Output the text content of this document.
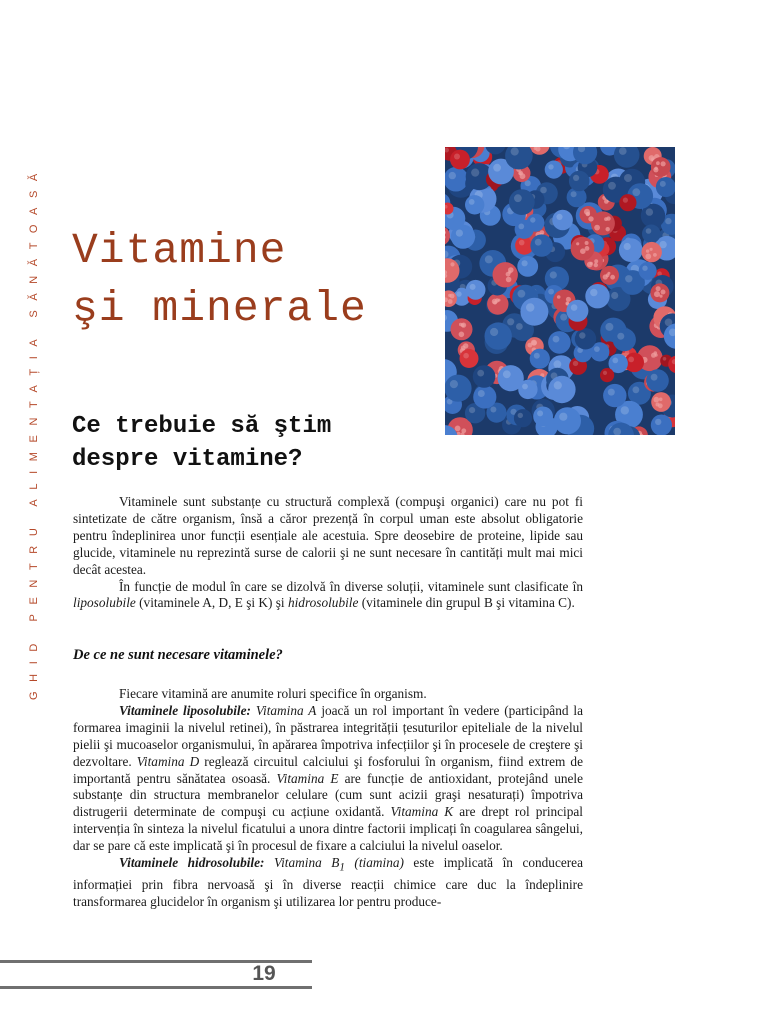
GHID PENTRU ALIMENTAȚIA SĂNĂTOASĂ Vitamine
şi minerale
Ce trebuie să ştim
despre vitamine?

Vitaminele sunt substanțe cu structură complexă (compuşi organici) care nu pot fi sintetizate de către organism, însă a căror prezență în corpul uman este absolut obligatorie pentru îndeplinirea unor funcții esențiale ale acestuia. Spre deosebire de proteine, lipide sau glucide, vitaminele nu reprezintă surse de calorii şi ne sunt necesare în cantități mult mai mici decât acestea.

În funcție de modul în care se dizolvă în diverse soluții, vitaminele sunt clasificate în liposolubile (vitaminele A, D, E şi K) şi hidrosolubile (vitaminele din grupul B şi vitamina C).

De ce ne sunt necesare vitaminele?

Fiecare vitamină are anumite roluri specifice în organism.

Vitaminele liposolubile: Vitamina A joacă un rol important în vedere (participând la formarea imaginii la nivelul retinei), în păstrarea integrității țesuturilor epiteliale de la nivelul pielii şi mucoaselor organismului, în apărarea împotriva infecțiilor şi în procesele de creştere şi dezvoltare. Vitamina D reglează circuitul calciului şi fosforului în organism, fiind extrem de importantă pentru sănătatea osoasă. Vitamina E are funcție de antioxidant, protejând unele substanțe din structura membranelor celulare (cum sunt acizii graşi nesaturați) împotriva distrugerii determinate de compuşi cu acțiune oxidantă. Vitamina K are drept rol principal intervenția în sinteza la nivelul ficatului a unora dintre factorii implicați în coagularea sângelui, dar se pare că este implicată şi în procesul de fixare a calciului la nivelul oaselor.

Vitaminele hidrosolubile: Vitamina $B_1$ (tiamina) este implicată în conducerea informației prin fibra nervoasă şi în diverse reacții chimice care duc la îndeplinire transformarea glucidelor în organism şi utilizarea lor pentru produce-

19
